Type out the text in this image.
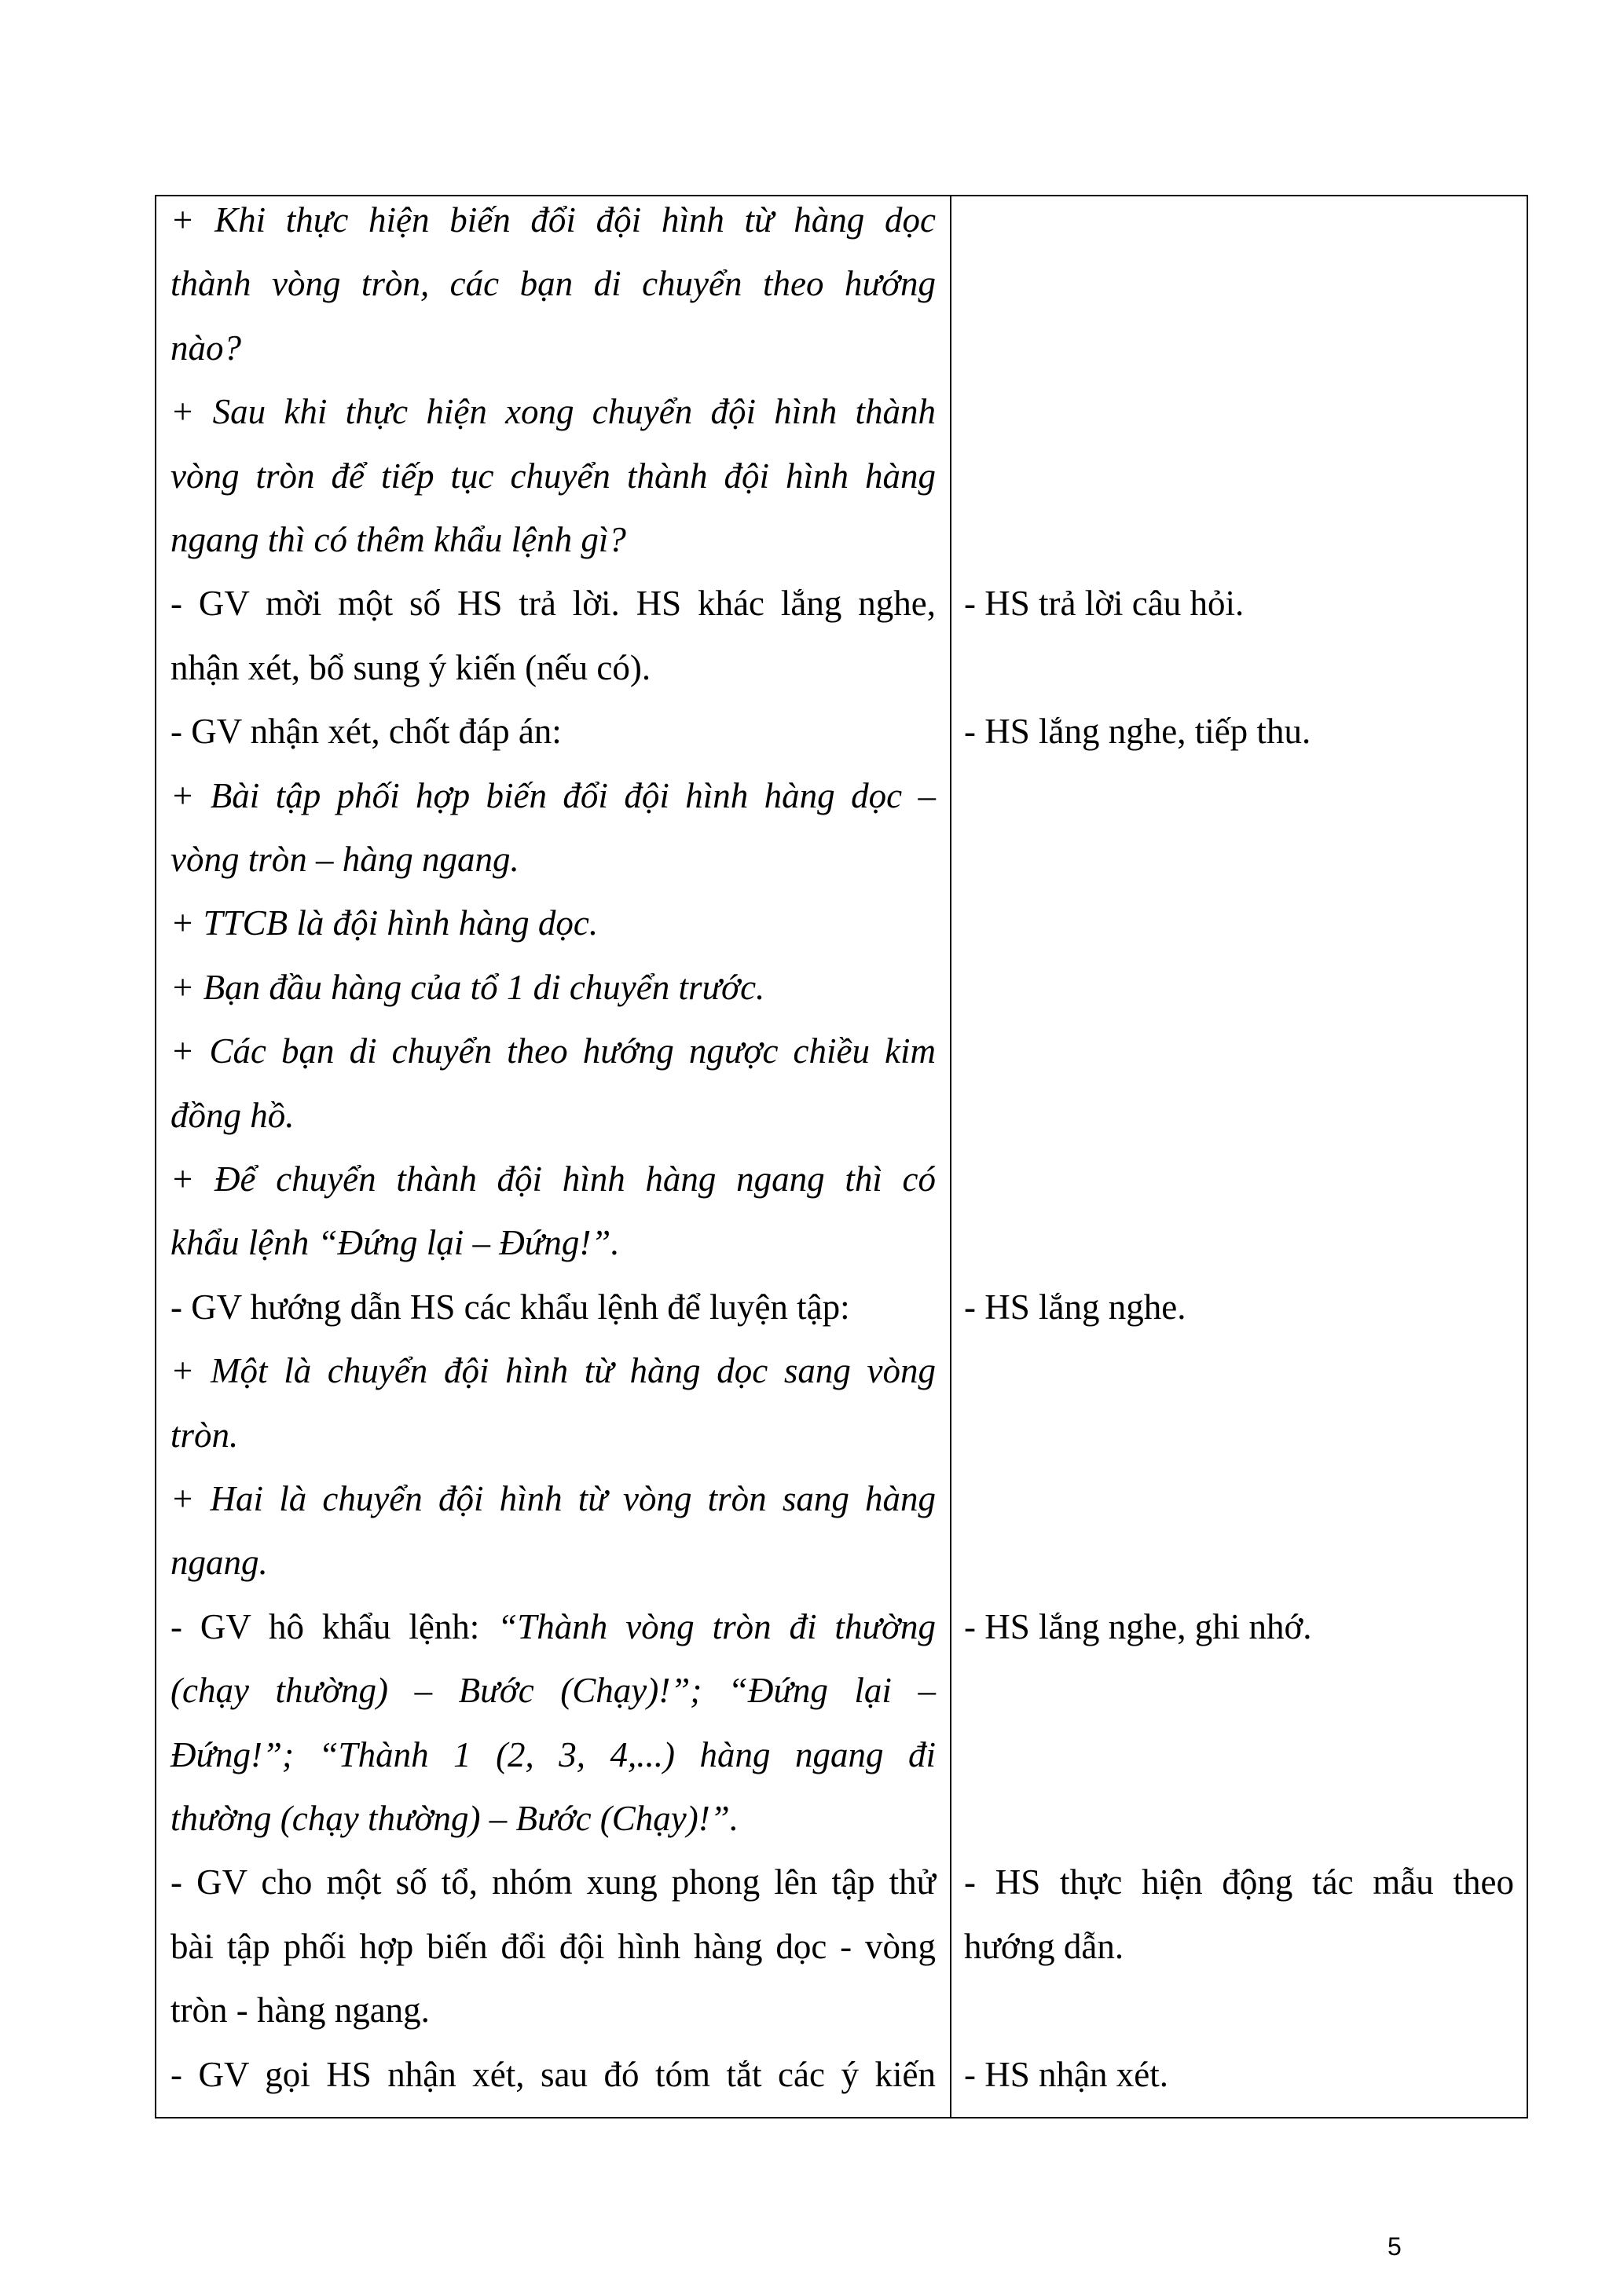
+ Khi thực hiện biến đổi đội hình từ hàng dọc
thành vòng tròn, các bạn di chuyển theo hướng
nào?
+ Sau khi thực hiện xong chuyển đội hình thành
vòng tròn để tiếp tục chuyển thành đội hình hàng
ngang thì có thêm khẩu lệnh gì?
- GV mời một số HS trả lời. HS khác lắng nghe,
nhận xét, bổ sung ý kiến (nếu có).
- GV nhận xét, chốt đáp án:
+ Bài tập phối hợp biến đổi đội hình hàng dọc –
vòng tròn – hàng ngang.
+ TTCB là đội hình hàng dọc.
+ Bạn đầu hàng của tổ 1 di chuyển trước.
+ Các bạn di chuyển theo hướng ngược chiều kim
đồng hồ.
+ Để chuyển thành đội hình hàng ngang thì có
khẩu lệnh “Đứng lại – Đứng!”.
- GV hướng dẫn HS các khẩu lệnh để luyện tập:
+ Một là chuyển đội hình từ hàng dọc sang vòng
tròn.
+ Hai là chuyển đội hình từ vòng tròn sang hàng
ngang.
- GV hô khẩu lệnh: “Thành vòng tròn đi thường
(chạy thường) – Bước (Chạy)!”; “Đứng lại –
Đứng!”; “Thành 1 (2, 3, 4,...) hàng ngang đi
thường (chạy thường) – Bước (Chạy)!”.
- GV cho một số tổ, nhóm xung phong lên tập thử
bài tập phối hợp biến đổi đội hình hàng dọc - vòng
tròn - hàng ngang.
- GV gọi HS nhận xét, sau đó tóm tắt các ý kiến
- HS trả lời câu hỏi.
- HS lắng nghe, tiếp thu.
- HS lắng nghe.
- HS lắng nghe, ghi nhớ.
- HS thực hiện động tác mẫu theo
hướng dẫn.
- HS nhận xét.
5
